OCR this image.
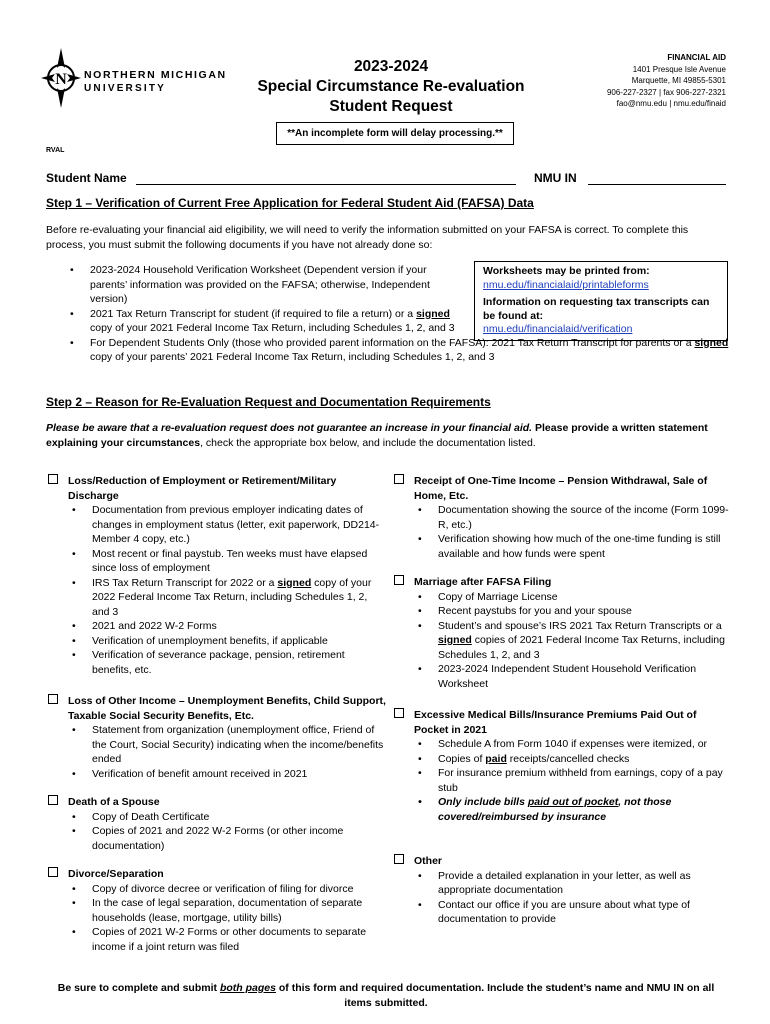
N NORTHERN MICHIGAN
UNIVERSITY
2023-2024
Special Circumstance Re-evaluation
Student Request
FINANCIAL AID
1401 Presque Isle Avenue
Marquette, MI 49855-5301
906-227-2327 | fax 906-227-2321
fao@nmu.edu | nmu.edu/finaid
RVAL
**An incomplete form will delay processing.**
Student Name	NMU IN
Step 1 – Verification of Current Free Application for Federal Student Aid (FAFSA) Data
Before re-evaluating your financial aid eligibility, we will need to verify the information submitted on your FAFSA is correct. To complete this process, you must submit the following documents if you have not already done so:
• 2023-2024 Household Verification Worksheet (Dependent version if your parents’ information was provided on the FAFSA; otherwise, Independent version)
• 2021 Tax Return Transcript for student (if required to file a return) or a signed copy of your 2021 Federal Income Tax Return, including Schedules 1, 2, and 3
• For Dependent Students Only (those who provided parent information on the FAFSA): 2021 Tax Return Transcript for parents or a signed copy of your parents’ 2021 Federal Income Tax Return, including Schedules 1, 2, and 3
Worksheets may be printed from:
nmu.edu/financialaid/printableforms
Information on requesting tax transcripts can be found at:
nmu.edu/financialaid/verification
Step 2 – Reason for Re-Evaluation Request and Documentation Requirements
Please be aware that a re-evaluation request does not guarantee an increase in your financial aid. Please provide a written statement explaining your circumstances, check the appropriate box below, and include the documentation listed.
Loss/Reduction of Employment or Retirement/Military Discharge
• Documentation from previous employer indicating dates of changes in employment status (letter, exit paperwork, DD214-Member 4 copy, etc.)
• Most recent or final paystub. Ten weeks must have elapsed since loss of employment
• IRS Tax Return Transcript for 2022 or a signed copy of your 2022 Federal Income Tax Return, including Schedules 1, 2, and 3
• 2021 and 2022 W-2 Forms
• Verification of unemployment benefits, if applicable
• Verification of severance package, pension, retirement benefits, etc.
Loss of Other Income – Unemployment Benefits, Child Support, Taxable Social Security Benefits, Etc.
• Statement from organization (unemployment office, Friend of the Court, Social Security) indicating when the income/benefits ended
• Verification of benefit amount received in 2021
Death of a Spouse
• Copy of Death Certificate
• Copies of 2021 and 2022 W-2 Forms (or other income documentation)
Divorce/Separation
• Copy of divorce decree or verification of filing for divorce
• In the case of legal separation, documentation of separate households (lease, mortgage, utility bills)
• Copies of 2021 W-2 Forms or other documents to separate income if a joint return was filed
Receipt of One-Time Income – Pension Withdrawal, Sale of Home, Etc.
• Documentation showing the source of the income (Form 1099-R, etc.)
• Verification showing how much of the one-time funding is still available and how funds were spent
Marriage after FAFSA Filing
• Copy of Marriage License
• Recent paystubs for you and your spouse
• Student’s and spouse’s IRS 2021 Tax Return Transcripts or a signed copies of 2021 Federal Income Tax Returns, including Schedules 1, 2, and 3
• 2023-2024 Independent Student Household Verification Worksheet
Excessive Medical Bills/Insurance Premiums Paid Out of Pocket in 2021
• Schedule A from Form 1040 if expenses were itemized, or
• Copies of paid receipts/cancelled checks
• For insurance premium withheld from earnings, copy of a pay stub
• Only include bills paid out of pocket, not those covered/reimbursed by insurance
Other
• Provide a detailed explanation in your letter, as well as appropriate documentation
• Contact our office if you are unsure about what type of documentation to provide
Be sure to complete and submit both pages of this form and required documentation. Include the student’s name and NMU IN on all items submitted.
